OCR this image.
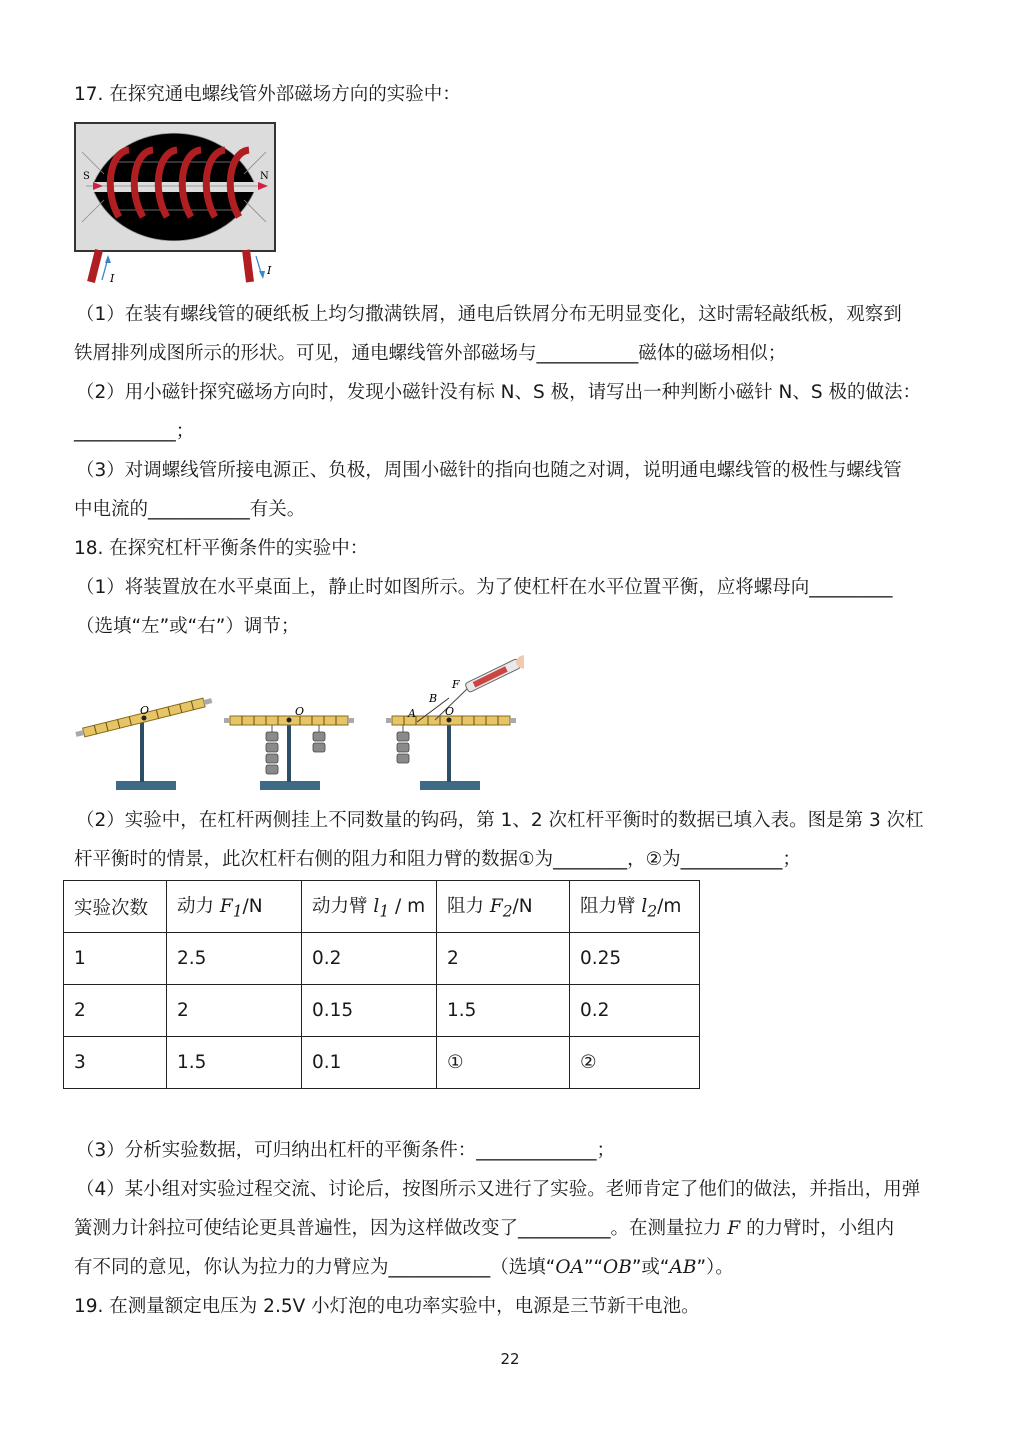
17. 在探究通电螺线管外部磁场方向的实验中：
S	N
I
I
（1）在装有螺线管的硬纸板上均匀撒满铁屑，通电后铁屑分布无明显变化，这时需轻敲纸板，观察到
铁屑排列成图所示的形状。可见，通电螺线管外部磁场与___________磁体的磁场相似；
（2）用小磁针探究磁场方向时，发现小磁针没有标 N、S 极，请写出一种判断小磁针 N、S 极的做法：
___________；
（3）对调螺线管所接电源正、负极，周围小磁针的指向也随之对调，说明通电螺线管的极性与螺线管
中电流的___________有关。
18. 在探究杠杆平衡条件的实验中：
（1）将装置放在水平桌面上，静止时如图所示。为了使杠杆在水平位置平衡，应将螺母向_________
（选填“左”或“右”）调节；
O	O	O
A
B
F
（2）实验中，在杠杆两侧挂上不同数量的钩码，第 1、2 次杠杆平衡时的数据已填入表。图是第 3 次杠
杆平衡时的情景，此次杠杆右侧的阻力和阻力臂的数据①为________，②为___________；
实验次数	动力 $F_1/N$	动力臂 $l_1$ / m	阻力 $F_2/N$	阻力臂 $l_2/m$
1	2.5	0.2	2	0.25
2	2	0.15	1.5	0.2
3	1.5	0.1	①	②
（3）分析实验数据，可归纳出杠杆的平衡条件：_____________；
（4）某小组对实验过程交流、讨论后，按图所示又进行了实验。老师肯定了他们的做法，并指出，用弹
簧测力计斜拉可使结论更具普遍性，因为这样做改变了__________。在测量拉力 F 的力臂时，小组内
有不同的意见，你认为拉力的力臂应为___________（选填“OA”“OB”或“AB”）。
19. 在测量额定电压为 2.5V 小灯泡的电功率实验中，电源是三节新干电池。
22
